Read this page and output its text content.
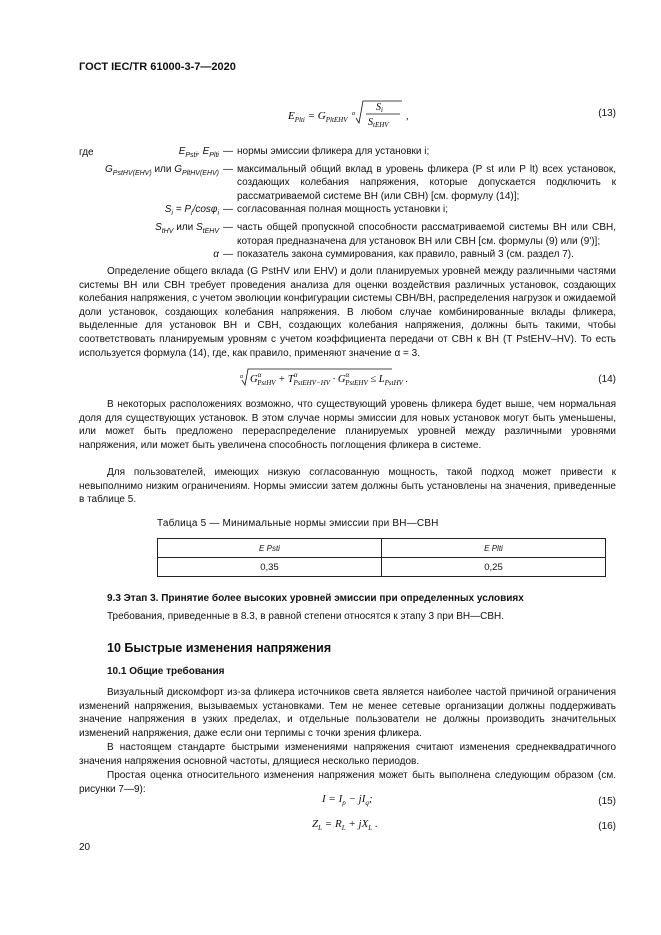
ГОСТ IEC/TR 61000-3-7—2020
$E_{Plti} = G_{PltEHV}$
α
$S_i$
$S_{tEHV}$
,	(13)
где	$E_{Psti}$, $E_{Plti}$ — нормы эмиссии фликера для установки i;
$G_{PstHV(EHV)}$ или $G_{PltHV(EHV)}$ — максимальный общий вклад в уровень фликера (P st или P lt) всех установок, создающих колебания напряжения, которые допускается подключить к рассматриваемой системе ВН (или СВН) [см. формулу (14)];
$S_i = P_i/\cos\varphi_i$ — согласованная полная мощность установки i;
$S_{tHV}$ или $S_{tEHV}$ — часть общей пропускной способности рассматриваемой системы ВН или СВН, которая предназначена для установок ВН или СВН [см. формулы (9) или (9')];
α — показатель закона суммирования, как правило, равный 3 (см. раздел 7).

Определение общего вклада (G PstHV или EHV) и доли планируемых уровней между различными частями системы ВН или СВН требует проведения анализа для оценки воздействия различных установок, создающих колебания напряжения, с учетом эволюции конфигурации системы СВН/ВН, распределения нагрузок и ожидаемой доли установок, создающих колебания напряжения. В любом случае комбинированные вклады фликера, выделенные для установок ВН и СВН, создающих колебания напряжения, должны быть такими, чтобы соответствовать планируемым уровням с учетом коэффициента передачи от СВН к ВН (T PstEHV–HV). То есть используется формула (14), где, как правило, применяют значение α = 3.

α $G^\alpha$ PstHV + $T^\alpha$ PstEHV−HV · $G^\alpha$ PstEHV ≤ $L_{PstHV}$ .	(14)

В некоторых расположениях возможно, что существующий уровень фликера будет выше, чем нормальная доля для существующих установок. В этом случае нормы эмиссии для новых установок могут быть уменьшены, или может быть предложено перераспределение планируемых уровней между различными уровнями напряжения, или может быть увеличена способность поглощения фликера в системе.

Для пользователей, имеющих низкую согласованную мощность, такой подход может привести к невыполнимо низким ограничениям. Нормы эмиссии затем должны быть установлены на значения, приведенные в таблице 5.

Таблица 5 — Минимальные нормы эмиссии при ВН—СВН
E Psti	E Plti
0,35	0,25
9.3 Этап 3. Принятие более высоких уровней эмиссии при определенных условиях

Требования, приведенные в 8.3, в равной степени относятся к этапу 3 при ВН—СВН.

10 Быстрые изменения напряжения
10.1 Общие требования

Визуальный дискомфорт из-за фликера источников света является наиболее частой причиной ограничения изменений напряжения, вызываемых установками. Тем не менее сетевые организации должны поддерживать значение напряжения в узких пределах, и отдельные пользователи не должны производить значительных изменений напряжения, даже если они терпимы с точки зрения фликера.

В настоящем стандарте быстрыми изменениями напряжения считают изменения среднеквадратичного значения напряжения основной частоты, длящиеся несколько периодов.

Простая оценка относительного изменения напряжения может быть выполнена следующим образом (см. рисунки 7—9):

$I = I_p - jI_q$;	(15)
$Z_L = R_L + jX_L$ .	(16)
20
